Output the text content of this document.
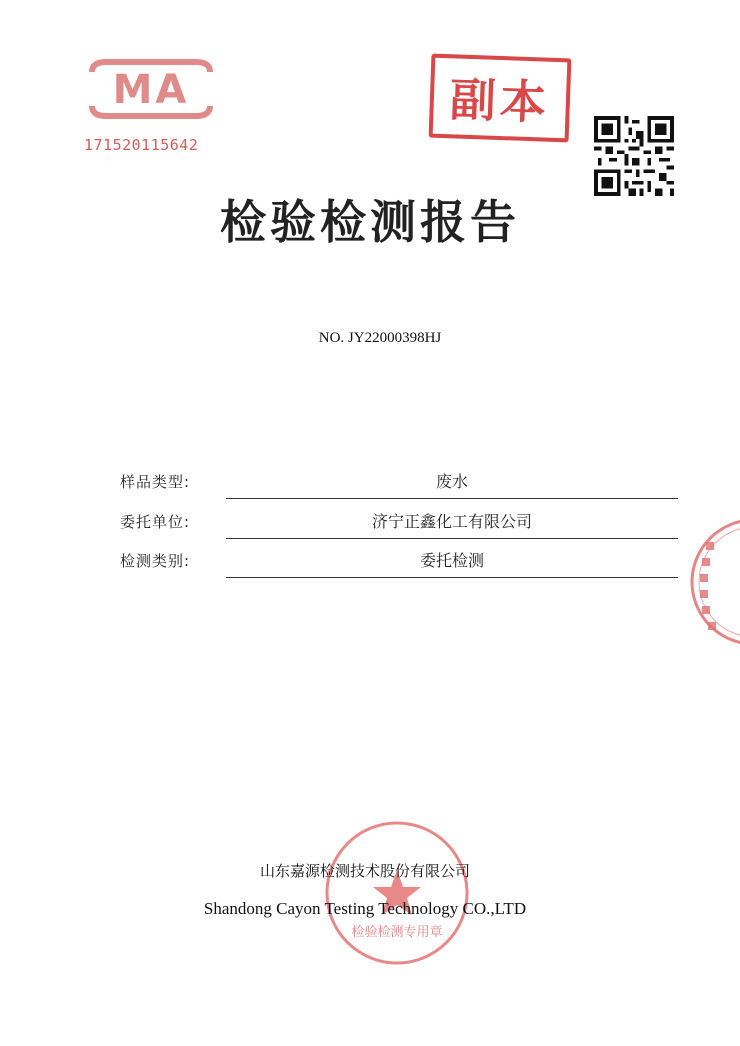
MA
171520115642
副本
检验检测报告
NO. JY22000398HJ
样品类型:	废水
委托单位:	济宁正鑫化工有限公司
检测类别:	委托检测
检验检测专用章
山东嘉源检测技术股份有限公司
Shandong Cayon Testing Technology CO.,LTD
